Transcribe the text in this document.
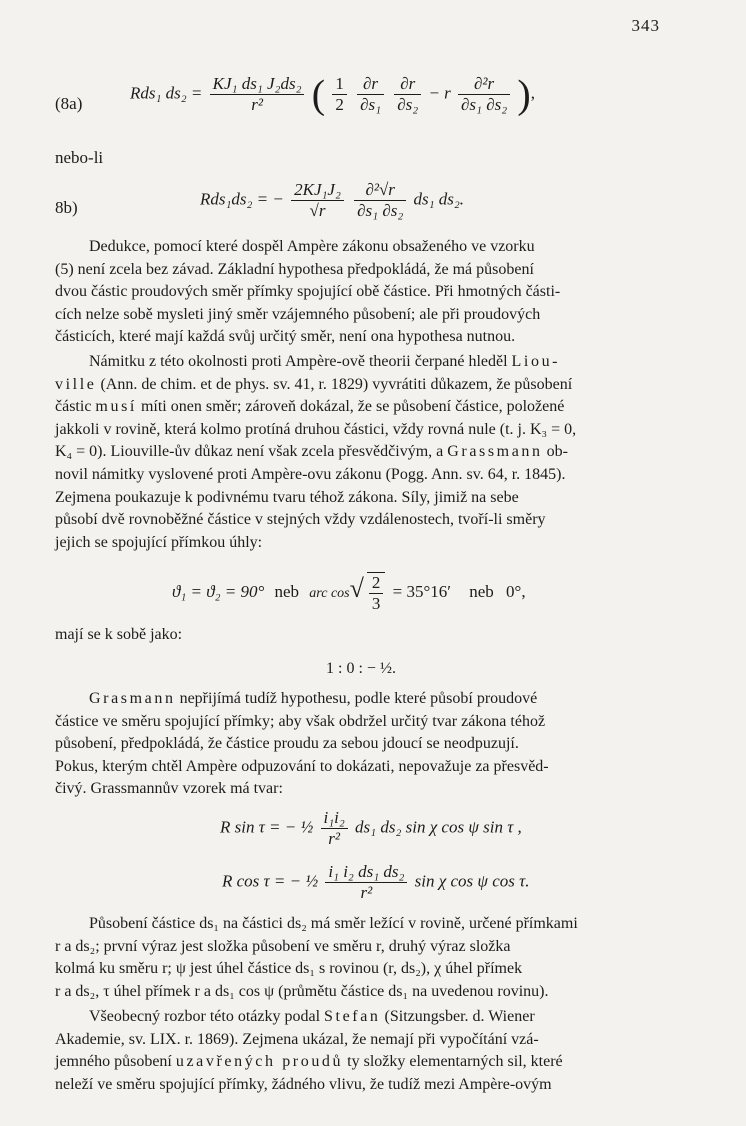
343
(8a)
Rds₁ $ds_2 = \frac{\text{KJ₁ ds₁ J₂ds₂}}{\text{r²}}$ ( $\frac{1}{2}$
$\frac{\partial r}{\text{∂s₁}}$
$\frac{\partial r}{\text{∂s₂}} - r \frac{\text{∂²r}}{\text{∂s₁ ∂s₂}}$ ),
nebo-li
8b)	Rds₁ds₂ = − $\frac{\text{2KJ₁J₂}}{√r}$
$\frac{\text{∂²√r}}{\text{∂s₁ ∂s₂}} ds_1$ ds₂.
Dedukce, pomocí které dospěl Ampère zákonu obsaženého ve vzorku
(5) není zcela bez závad. Základní hypothesa předpokládá, že má působení
dvou částic proudových směr přímky spojující obě částice. Při hmotných části-
cích nelze sobě mysleti jiný směr vzájemného působení; ale při proudových
částicích, které mají každá svůj určitý směr, není ona hypothesa nutnou.
Námitku z této okolnosti proti Ampère-ově theorii čerpané hleděl Liou-
ville (Ann. de chim. et de phys. sv. 41, r. 1829) vyvrátiti důkazem, že působení
částic musí míti onen směr; zároveň dokázal, že se působení částice, položené
jakkoli v rovině, která kolmo protíná druhou částici, vždy rovná nule (t. j. K₃ = 0,
K₄ = 0). Liouville-ův důkaz není však zcela přesvědčivým, a Grassmann ob-
novil námitky vyslovené proti Ampère-ovu zákonu (Pogg. Ann. sv. 64, r. 1845).
Zejmena poukazuje k podivnému tvaru téhož zákona. Síly, jimiž na sebe
působí dvě rovnoběžné částice v stejných vždy vzdálenostech, tvoří-li směry
jejich se spojující přímkou úhly:
ϑ₁ = ϑ₂ = 90° neb arc $\cos√ \frac{2}{3} = 35^\circ 16'$ neb 0°,
mají se k sobě jako:
1 : 0 : − ½.
Grasmann nepřijímá tudíž hypothesu, podle které působí proudové
částice ve směru spojující přímky; aby však obdržel určitý tvar zákona téhož
působení, předpokládá, že částice proudu za sebou jdoucí se neodpuzují.
Pokus, kterým chtěl Ampère odpuzování to dokázati, nepovažuje za přesvěd-
čivý. Grassmannův vzorek má tvar:
R sin τ = − ½ $\frac{\text{i₁i₂}}{\text{r²}} ds_1$ ds₂ sin χ cos ψ sin τ ,
R cos τ = − ½ $\frac{\text{i₁ i₂ ds₁ ds₂}}{\text{r²}}$ sin χ cos ψ cos τ.
Působení částice ds₁ na částici ds₂ má směr ležící v rovině, určené přímkami
r a ds₂; první výraz jest složka působení ve směru r, druhý výraz složka
kolmá ku směru r; ψ jest úhel částice ds₁ s rovinou (r, ds₂), χ úhel přímek
r a ds₂, τ úhel přímek r a ds₁ cos ψ (průmětu částice ds₁ na uvedenou rovinu).
Všeobecný rozbor této otázky podal Stefan (Sitzungsber. d. Wiener
Akademie, sv. LIX. r. 1869). Zejmena ukázal, že nemají při vypočítání vzá-
jemného působení uzavřených proudů ty složky elementarných sil, které
neleží ve směru spojující přímky, žádného vlivu, že tudíž mezi Ampère-ovým
